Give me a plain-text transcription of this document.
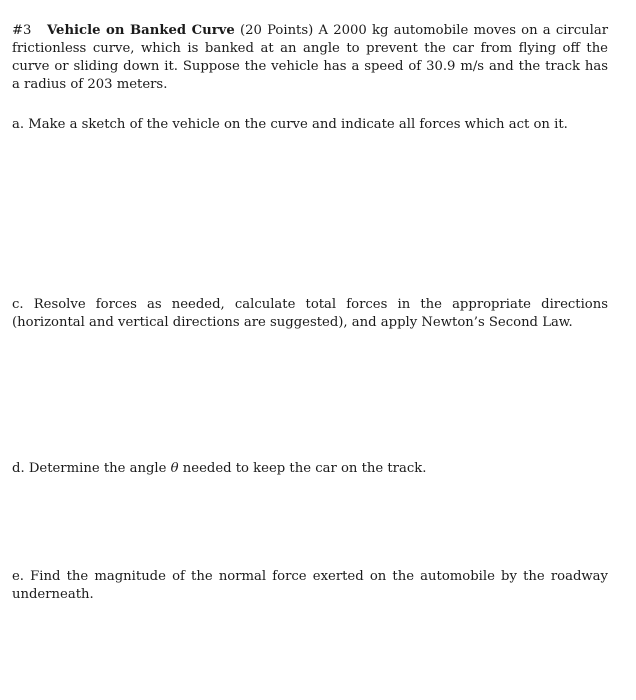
#3 Vehicle on Banked Curve (20 Points) A 2000 kg automobile moves on a circular frictionless curve, which is banked at an angle to prevent the car from flying off the curve or sliding down it. Suppose the vehicle has a speed of 30.9 m/s and the track has a radius of 203 meters.

a. Make a sketch of the vehicle on the curve and indicate all forces which act on it.

c. Resolve forces as needed, calculate total forces in the appropriate directions (horizontal and vertical directions are suggested), and apply Newton’s Second Law.

d. Determine the angle θ needed to keep the car on the track.

e. Find the magnitude of the normal force exerted on the automobile by the roadway underneath.
